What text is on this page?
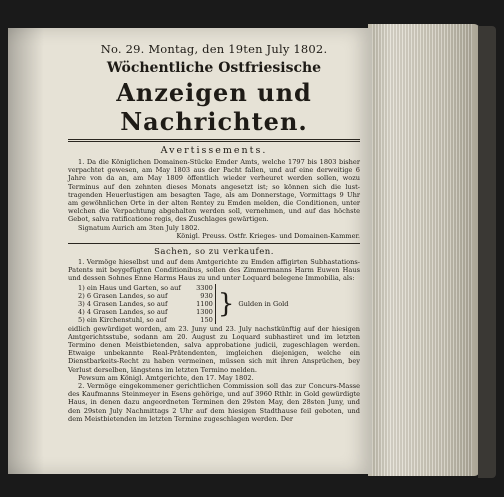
No. 29. Montag, den 19ten July 1802.
Wöchentliche Ostfriesische
Anzeigen und Nachrichten.
Avertissements.

1. Da die Königlichen Domainen-Stücke Emder Amts, welche 1797 bis 1803 bisher verpachtet gewesen, am May 1803 aus der Pacht fallen, und auf eine derweitige 6 Jahre von da an, am May 1809 öffentlich wieder verheuret werden sollen, wozu Terminus auf den zehnten dieses Monats angesetzt ist; so können sich die lust-tragenden Heuerlustigen am besagten Tage, als am Donnerstage, Vormittags 9 Uhr am gewöhnlichen Orte in der alten Rentey zu Emden melden, die Conditionen, unter welchen die Verpachtung abgehalten werden soll, vernehmen, und auf das höchste Gebot, salva ratificatione regis, des Zuschlages gewärtigen.

Signatum Aurich am 3ten July 1802.
Königl. Preuss. Ostfr. Krieges- und Domainen-Kammer.
Sachen, so zu verkaufen.

1. Vermöge hieselbst und auf dem Amtgerichte zu Emden affigirten Subhastations-Patents mit beygefügten Conditionibus, sollen des Zimmermanns Harm Euwen Haus und dessen Sohnes Enne Harms Haus zu und unter Loquard belegene Immobilia, als:

1) ein Haus und Garten, so auf	3300	}	Gulden in Gold
2) 6 Grasen Landes, so auf	930		
3) 4 Grasen Landes, so auf	1100		
4) 4 Grasen Landes, so auf	1300		
5) ein Kirchenstuhl, so auf	150		

eidlich gewürdiget worden, am 23. Juny und 23. July nachstkünftig auf der hiesigen Amtgerichtsstube, sodann am 20. August zu Loquard subhastiret und im letzten Termino denen Meistbietenden, salva approbatione judicii, zugeschlagen werden. Etwaige unbekannte Real-Prätendenten, imgleichen diejenigen, welche ein Dienstbarkeits-Recht zu haben vermeinen, müssen sich mit ihren Ansprüchen, bey Verlust derselben, längstens im letzten Termino melden.

Pewsum am Königl. Amtgerichte, den 17. May 1802.

2. Vermöge eingekommener gerichtlichen Commission soll das zur Concurs-Masse des Kaufmanns Steinmeyer in Esens gehörige, und auf 3960 Rthlr. in Gold gewürdigte Haus, in denen dazu angeordneten Terminen den 29sten May, den 28sten Juny, und den 29sten July Nachmittags 2 Uhr auf dem hiesigen Stadthause feil geboten, und dem Meistbietenden im letzten Termine zugeschlagen werden. Der
